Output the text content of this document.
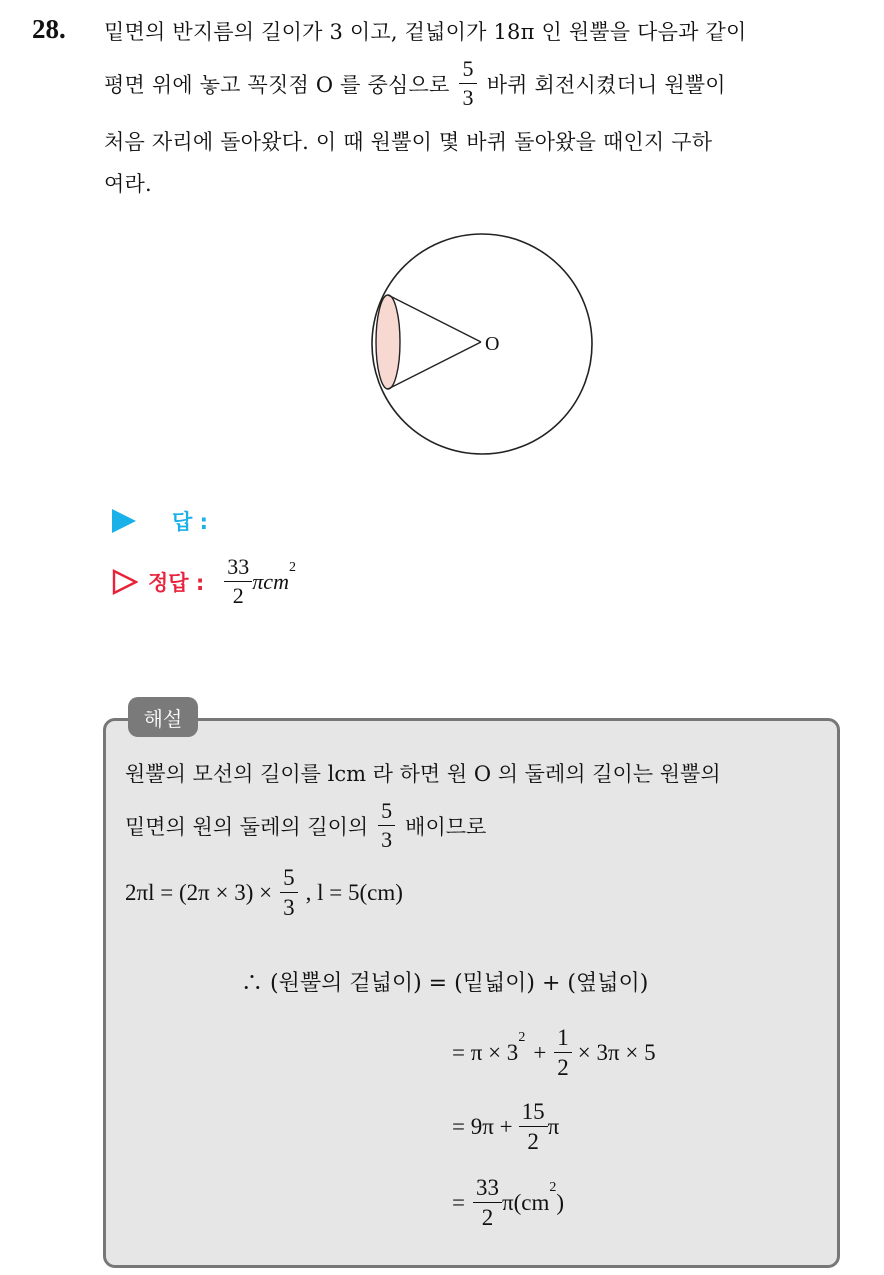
28. 밑면의 반지름의 길이가 3 이고, 겉넓이가 18π 인 원뿔을 다음과 같이
평면 위에 놓고 꼭짓점 O 를 중심으로 $\frac{5}{3}$ 바퀴 회전시켰더니 원뿔이
처음 자리에 돌아왔다. 이 때 원뿔이 몇 바퀴 돌아왔을 때인지 구하
여라.
O
답 :
정답 : $\frac{33}{2}$ πcm
$^2$
해설
원뿔의 모선의 길이를 lcm 라 하면 원 O 의 둘레의 길이는 원뿔의
밑면의 원의 둘레의 길이의 $\frac{5}{3}$ 배이므로
$2\pi l = (2\pi \times 3) \times \frac{5}{3}$ , l = 5(cm)
∴ (원뿔의 겉넓이) = (밑넓이) + (옆넓이)
= π × 3
$^2$
+ $\frac{1}{2} \times 3\pi \times 5$
= $9\pi + \frac{15}{2}$ π
= $\frac{33}{2} \pi(cm$
$^2$
)
